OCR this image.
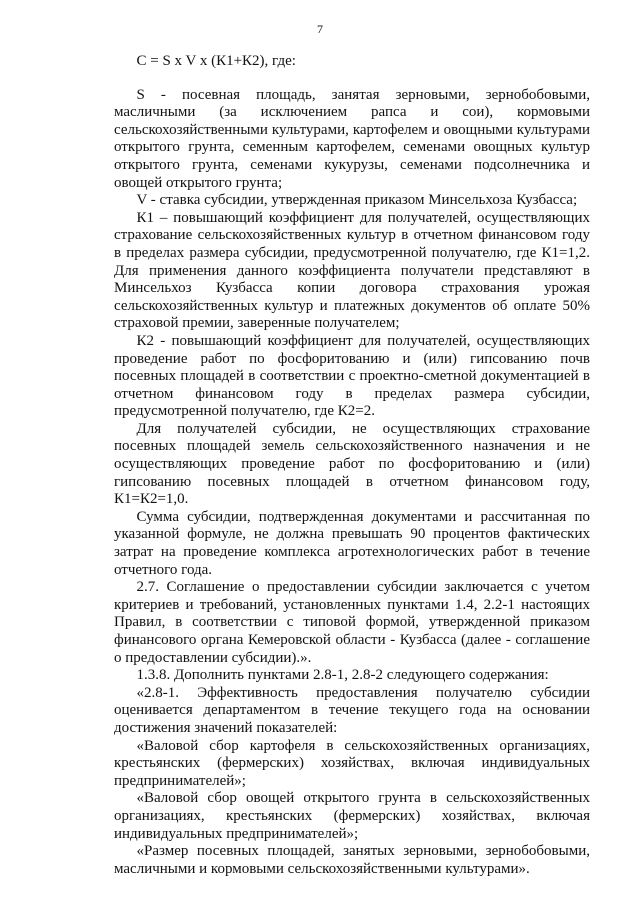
7

С = S x V x (К1+К2), где:

S - посевная площадь, занятая зерновыми, зернобобовыми, масличными (за исключением рапса и сои), кормовыми сельскохозяйственными культурами, картофелем и овощными культурами открытого грунта, семенным картофелем, семенами овощных культур открытого грунта, семенами кукурузы, семенами подсолнечника и овощей открытого грунта;

V - ставка субсидии, утвержденная приказом Минсельхоза Кузбасса;

К1 – повышающий коэффициент для получателей, осуществляющих страхование сельскохозяйственных культур в отчетном финансовом году в пределах размера субсидии, предусмотренной получателю, где К1=1,2. Для применения данного коэффициента получатели представляют в Минсельхоз Кузбасса копии договора страхования урожая сельскохозяйственных культур и платежных документов об оплате 50% страховой премии, заверенные получателем;

К2 - повышающий коэффициент для получателей, осуществляющих проведение работ по фосфоритованию и (или) гипсованию почв посевных площадей в соответствии с проектно-сметной документацией в отчетном финансовом году в пределах размера субсидии, предусмотренной получателю, где К2=2.

Для получателей субсидии, не осуществляющих страхование посевных площадей земель сельскохозяйственного назначения и не осуществляющих проведение работ по фосфоритованию и (или) гипсованию посевных площадей в отчетном финансовом году, К1=К2=1,0.

Сумма субсидии, подтвержденная документами и рассчитанная по указанной формуле, не должна превышать 90 процентов фактических затрат на проведение комплекса агротехнологических работ в течение отчетного года.

2.7. Соглашение о предоставлении субсидии заключается с учетом критериев и требований, установленных пунктами 1.4, 2.2-1 настоящих Правил, в соответствии с типовой формой, утвержденной приказом финансового органа Кемеровской области - Кузбасса (далее - соглашение о предоставлении субсидии).».

1.3.8. Дополнить пунктами 2.8-1, 2.8-2 следующего содержания:

«2.8-1. Эффективность предоставления получателю субсидии оценивается департаментом в течение текущего года на основании достижения значений показателей:

«Валовой сбор картофеля в сельскохозяйственных организациях, крестьянских (фермерских) хозяйствах, включая индивидуальных предпринимателей»;

«Валовой сбор овощей открытого грунта в сельскохозяйственных организациях, крестьянских (фермерских) хозяйствах, включая индивидуальных предпринимателей»;

«Размер посевных площадей, занятых зерновыми, зернобобовыми, масличными и кормовыми сельскохозяйственными культурами».
